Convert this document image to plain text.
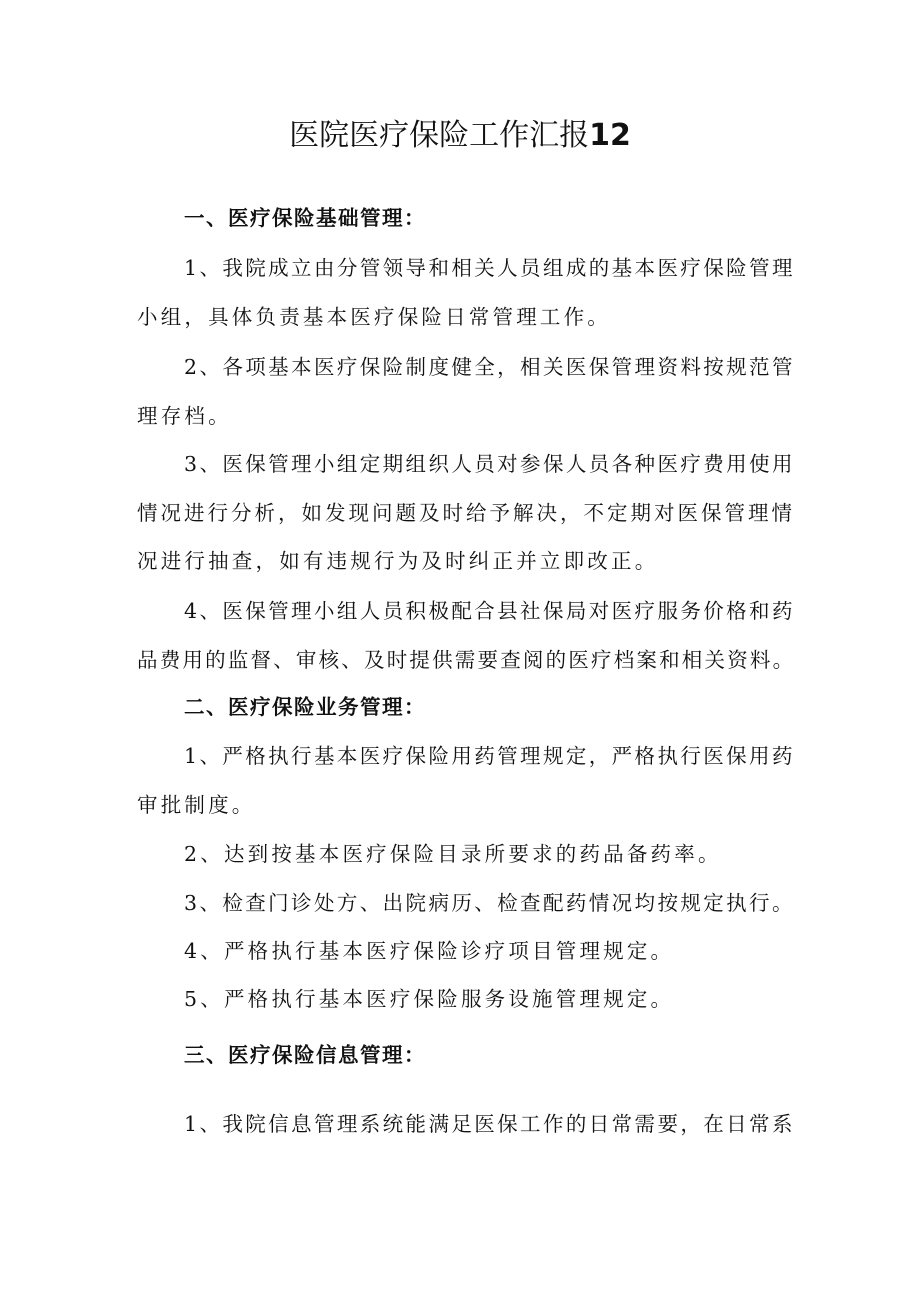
医院医疗保险工作汇报12
一、医疗保险基础管理：
1、我院成立由分管领导和相关人员组成的基本医疗保险管理
小组，具体负责基本医疗保险日常管理工作。
2、各项基本医疗保险制度健全，相关医保管理资料按规范管
理存档。
3、医保管理小组定期组织人员对参保人员各种医疗费用使用
情况进行分析，如发现问题及时给予解决，不定期对医保管理情
况进行抽查，如有违规行为及时纠正并立即改正。
4、医保管理小组人员积极配合县社保局对医疗服务价格和药
品费用的监督、审核、及时提供需要查阅的医疗档案和相关资料。
二、医疗保险业务管理：
1、严格执行基本医疗保险用药管理规定，严格执行医保用药
审批制度。
2、达到按基本医疗保险目录所要求的药品备药率。
3、检查门诊处方、出院病历、检查配药情况均按规定执行。
4、严格执行基本医疗保险诊疗项目管理规定。
5、严格执行基本医疗保险服务设施管理规定。
三、医疗保险信息管理：
1、我院信息管理系统能满足医保工作的日常需要，在日常系
